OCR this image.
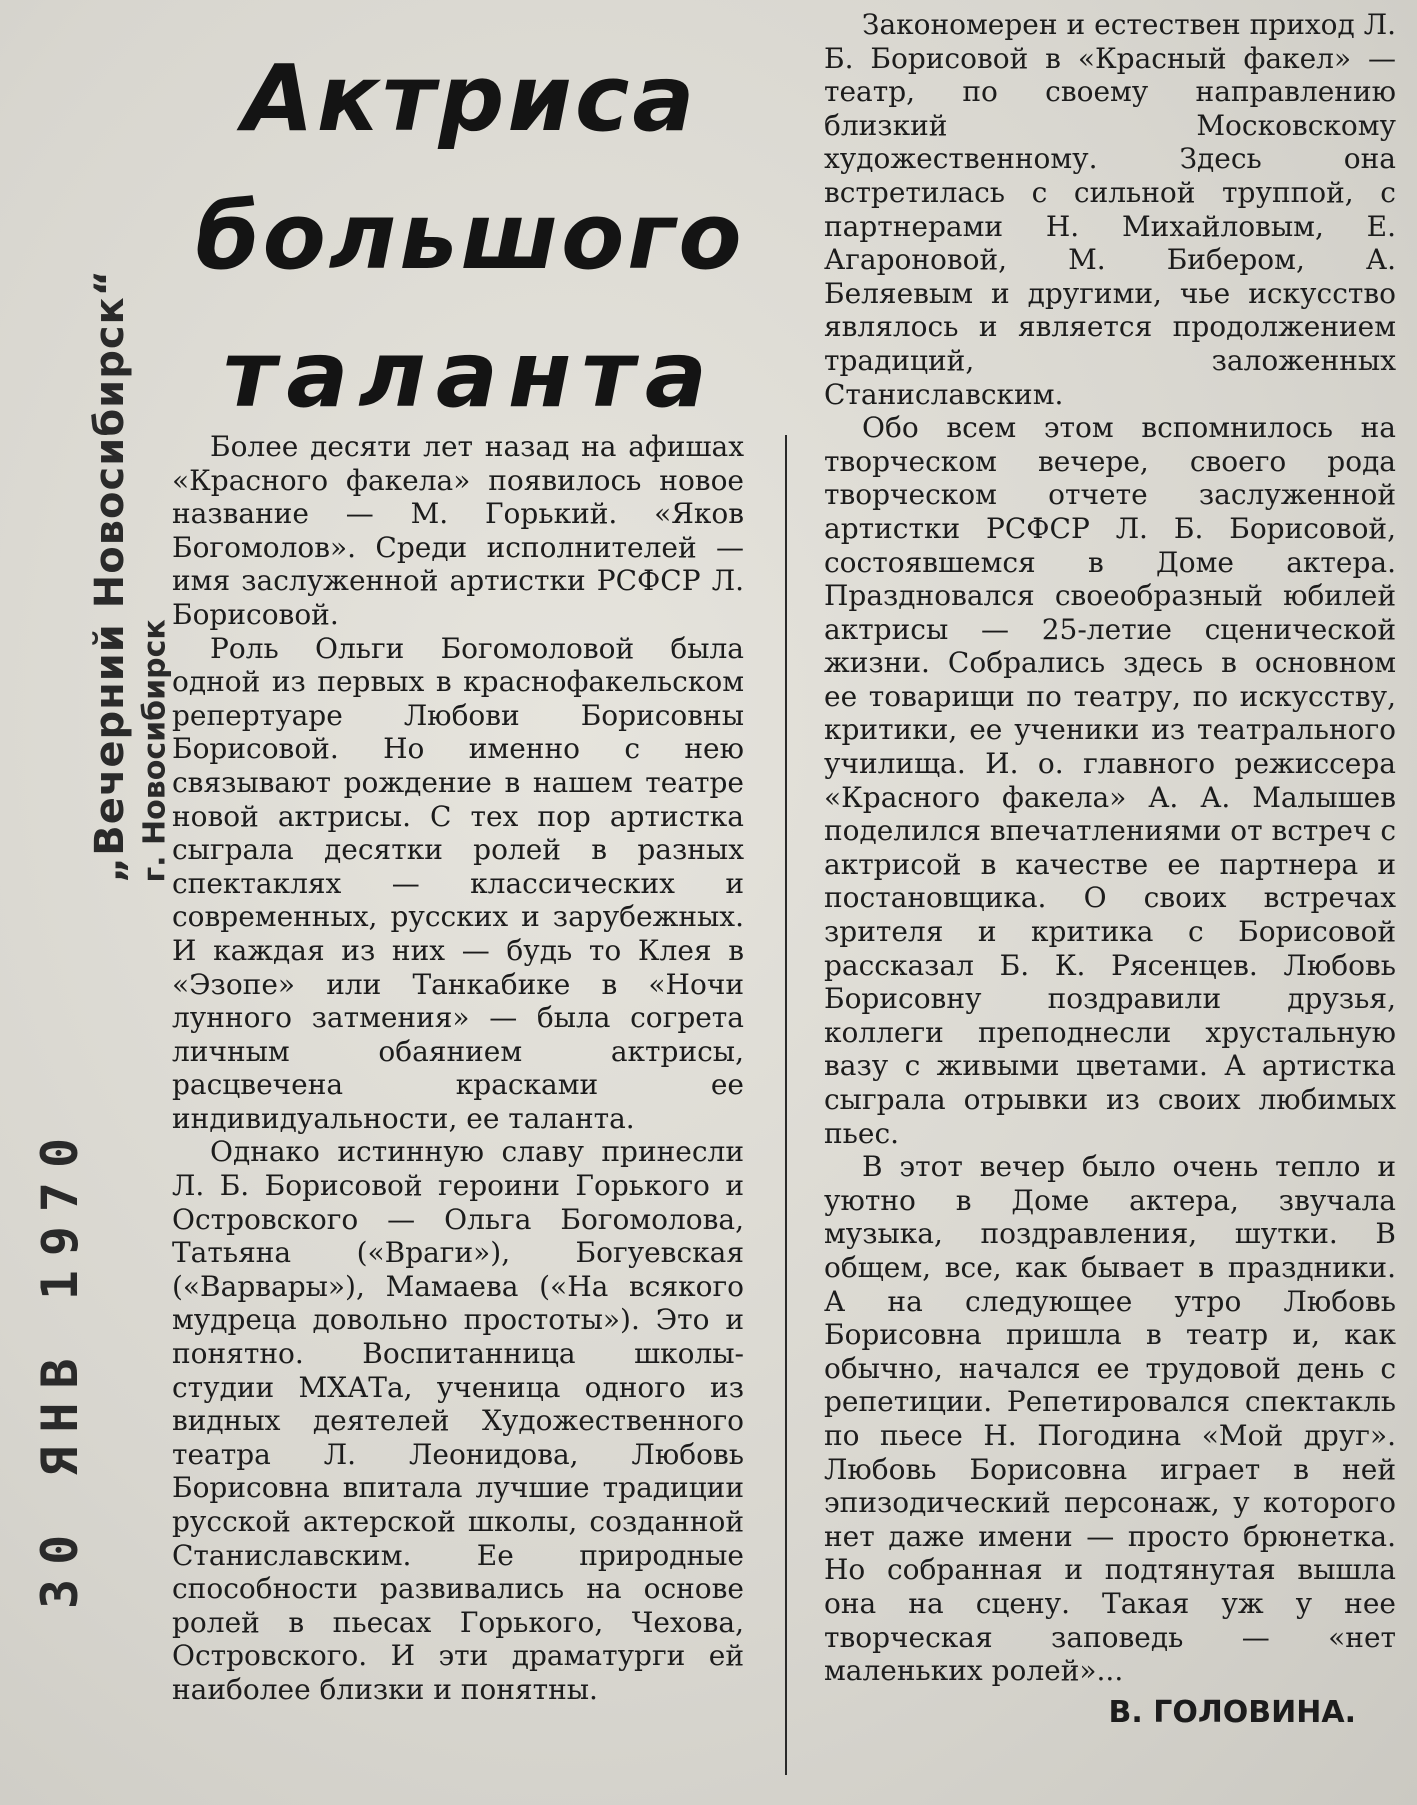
„Вечерний Новосибирск“ г. Новосибирск
30 ЯНВ 1970
Актриса
большого
таланта

Более десяти лет назад на афишах «Красного факела» появилось новое название — М. Горький. «Яков Богомолов». Среди исполнителей — имя заслуженной артистки РСФСР Л. Борисовой.

Роль Ольги Богомоловой была одной из первых в краснофакельском репертуаре Любови Борисовны Борисовой. Но именно с нею связывают рождение в нашем театре новой актрисы. С тех пор артистка сыграла десятки ролей в разных спектаклях — классических и современных, русских и зарубежных. И каждая из них — будь то Клея в «Эзопе» или Танкабике в «Ночи лунного затмения» — была согрета личным обаянием актрисы, расцвечена красками ее индивидуальности, ее таланта.

Однако истинную славу принесли Л. Б. Борисовой героини Горького и Островского — Ольга Богомолова, Татьяна («Враги»), Богуевская («Варвары»), Мамаева («На всякого мудреца довольно простоты»). Это и понятно. Воспитанница школы-студии МХАТа, ученица одного из видных деятелей Художественного театра Л. Леонидова, Любовь Борисовна впитала лучшие традиции русской актерской школы, созданной Станиславским. Ее природные способности развивались на основе ролей в пьесах Горького, Чехова, Островского. И эти драматурги ей наиболее близки и понятны.

Закономерен и естествен приход Л. Б. Борисовой в «Красный факел» — театр, по своему направлению близкий Московскому художественному. Здесь она встретилась с сильной труппой, с партнерами Н. Михайловым, Е. Агароновой, М. Бибером, А. Беляевым и другими, чье искусство являлось и является продолжением традиций, заложенных Станиславским.

Обо всем этом вспомнилось на творческом вечере, своего рода творческом отчете заслуженной артистки РСФСР Л. Б. Борисовой, состоявшемся в Доме актера. Праздновался своеобразный юбилей актрисы — 25-летие сценической жизни. Собрались здесь в основном ее товарищи по театру, по искусству, критики, ее ученики из театрального училища. И. о. главного режиссера «Красного факела» А. А. Малышев поделился впечатлениями от встреч с актрисой в качестве ее партнера и постановщика. О своих встречах зрителя и критика с Борисовой рассказал Б. К. Рясенцев. Любовь Борисовну поздравили друзья, коллеги преподнесли хрустальную вазу с живыми цветами. А артистка сыграла отрывки из своих любимых пьес.

В этот вечер было очень тепло и уютно в Доме актера, звучала музыка, поздравления, шутки. В общем, все, как бывает в праздники. А на следующее утро Любовь Борисовна пришла в театр и, как обычно, начался ее трудовой день с репетиции. Репетировался спектакль по пьесе Н. Погодина «Мой друг». Любовь Борисовна играет в ней эпизодический персонаж, у которого нет даже имени — просто брюнетка. Но собранная и подтянутая вышла она на сцену. Такая уж у нее творческая заповедь — «нет маленьких ролей»...

В. ГОЛОВИНА.
